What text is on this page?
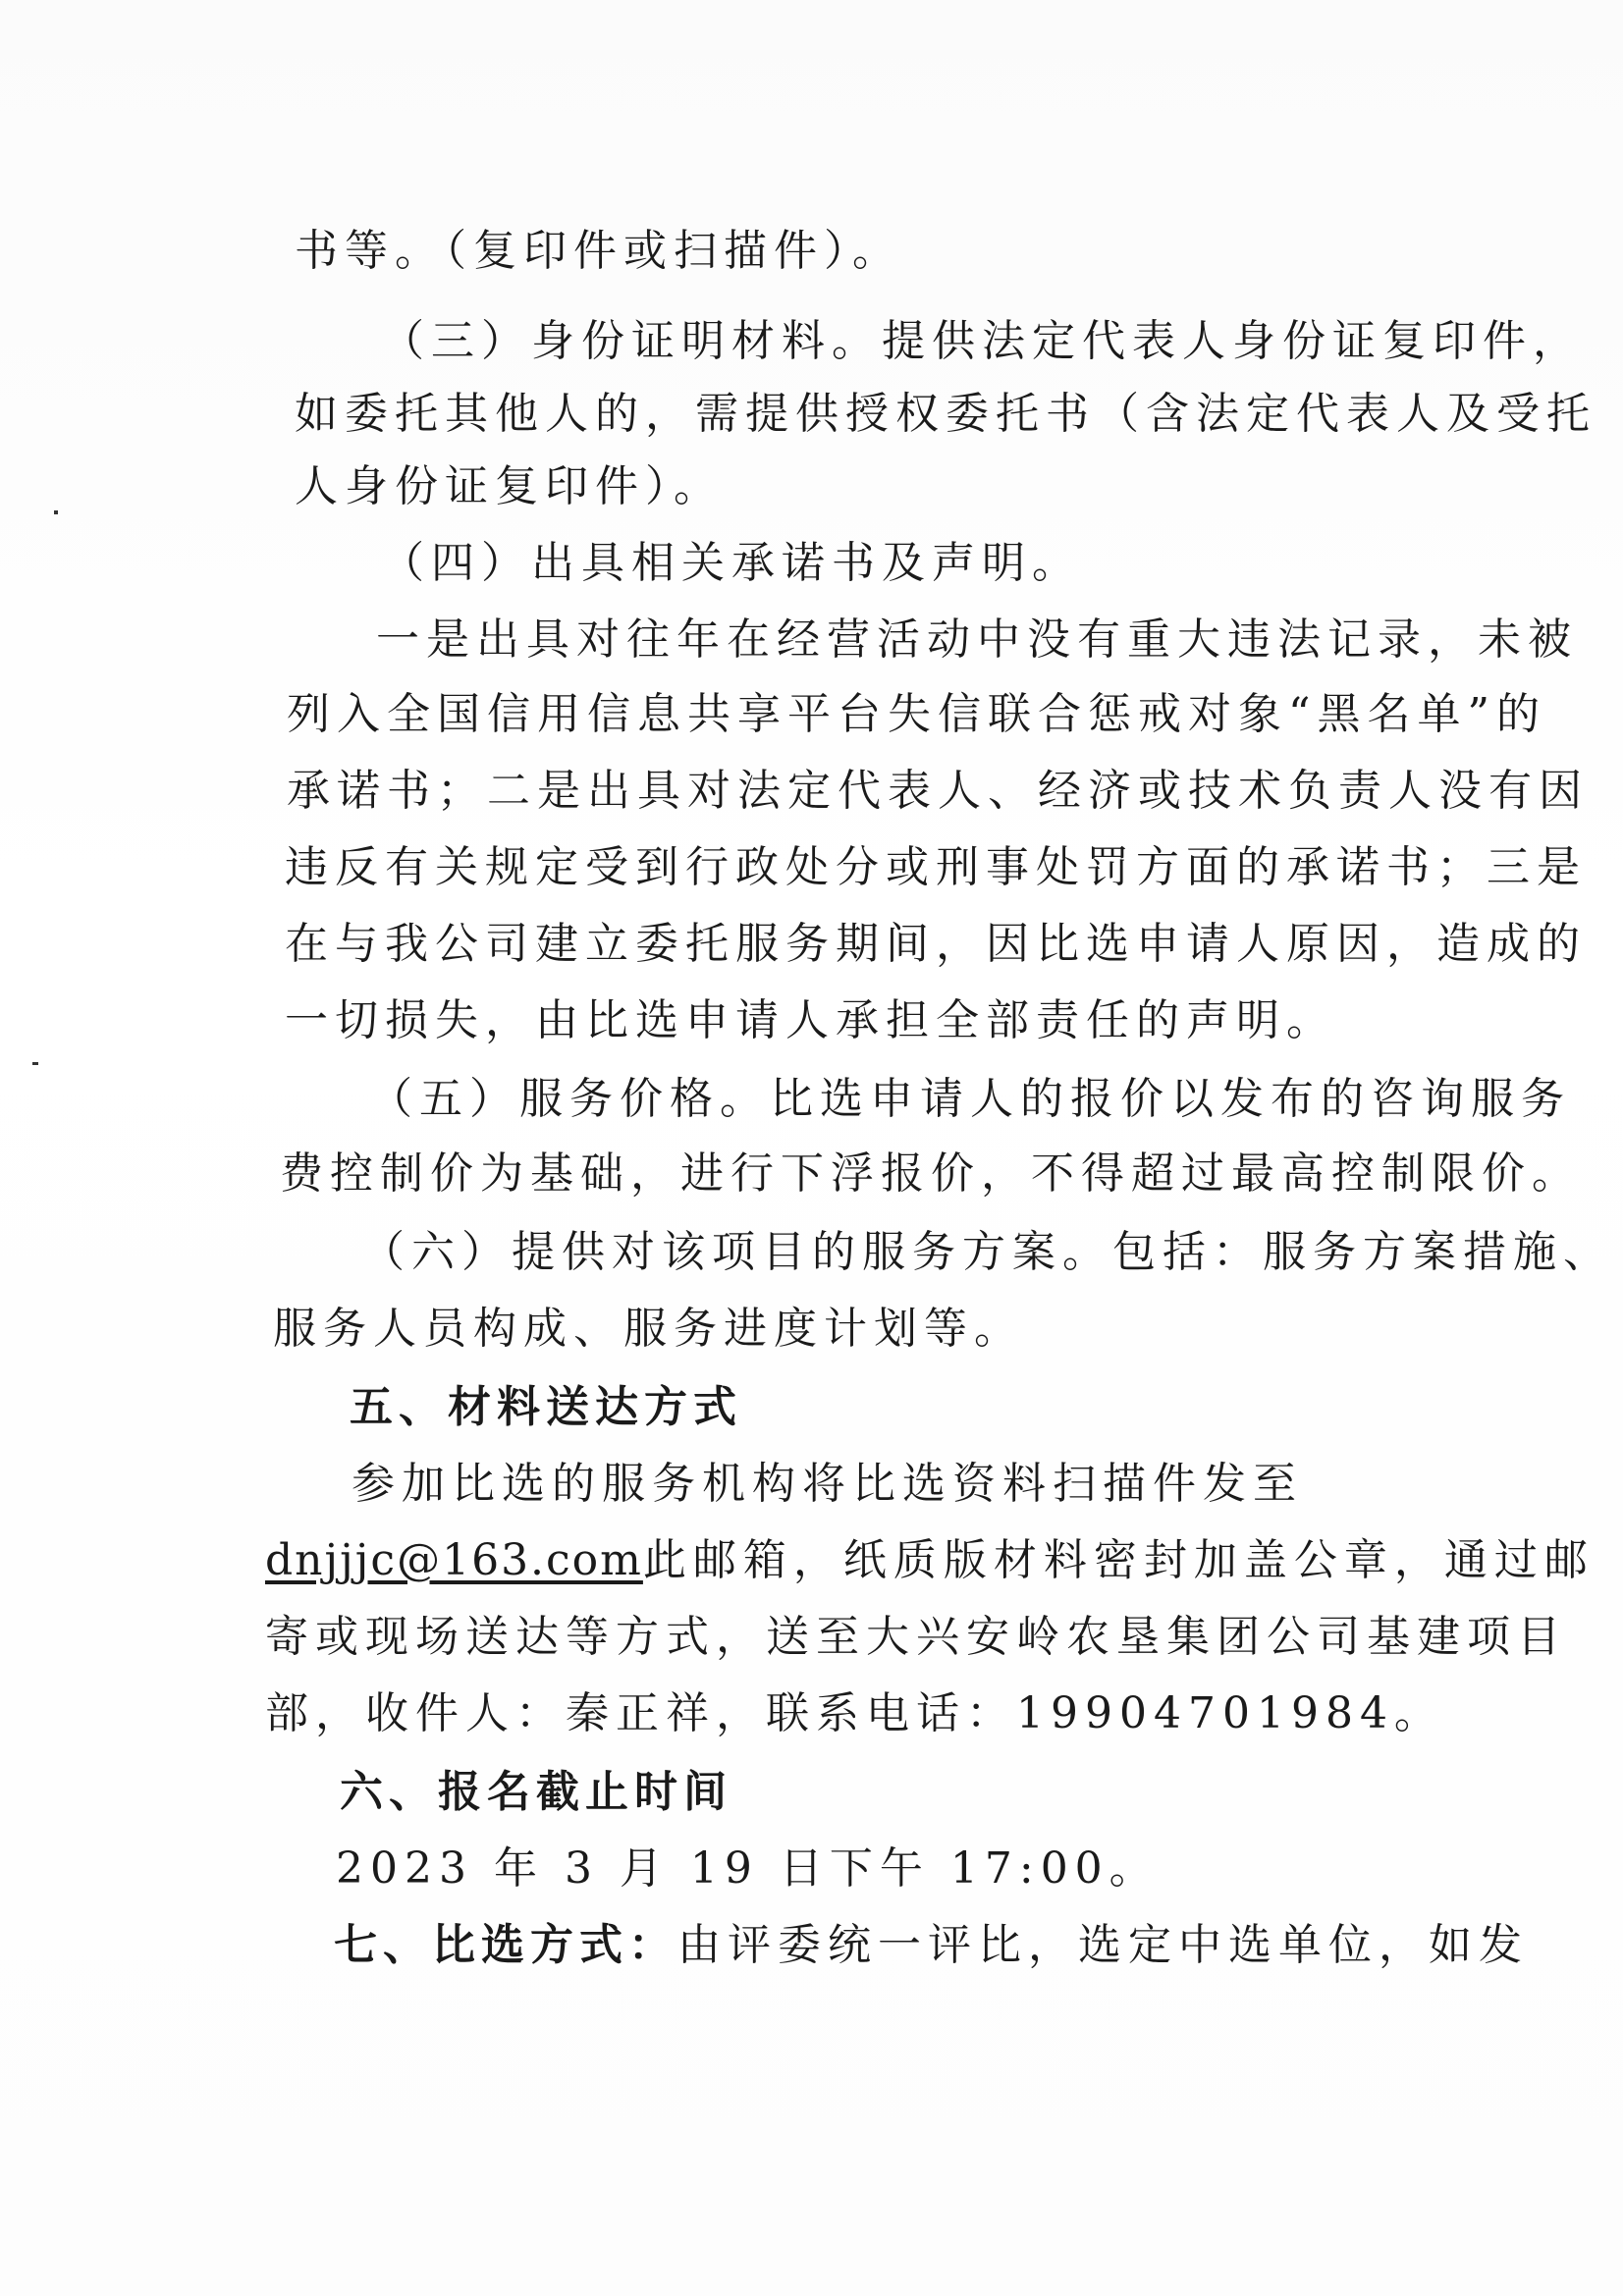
书等。（复印件或扫描件）。
（三）身份证明材料。提供法定代表人身份证复印件，
如委托其他人的，需提供授权委托书（含法定代表人及受托
人身份证复印件）。
（四）出具相关承诺书及声明。
一是出具对往年在经营活动中没有重大违法记录，未被
列入全国信用信息共享平台失信联合惩戒对象“黑名单”的
承诺书；二是出具对法定代表人、经济或技术负责人没有因
违反有关规定受到行政处分或刑事处罚方面的承诺书；三是
在与我公司建立委托服务期间，因比选申请人原因，造成的
一切损失，由比选申请人承担全部责任的声明。
（五）服务价格。比选申请人的报价以发布的咨询服务
费控制价为基础，进行下浮报价，不得超过最高控制限价。
（六）提供对该项目的服务方案。包括：服务方案措施、
服务人员构成、服务进度计划等。
五、材料送达方式
参加比选的服务机构将比选资料扫描件发至
dnjjjc@163.com此邮箱，纸质版材料密封加盖公章，通过邮
寄或现场送达等方式，送至大兴安岭农垦集团公司基建项目
部，收件人：秦正祥，联系电话：19904701984。
六、报名截止时间
2023 年 3 月 19 日下午 17:00。
七、比选方式：由评委统一评比，选定中选单位，如发
